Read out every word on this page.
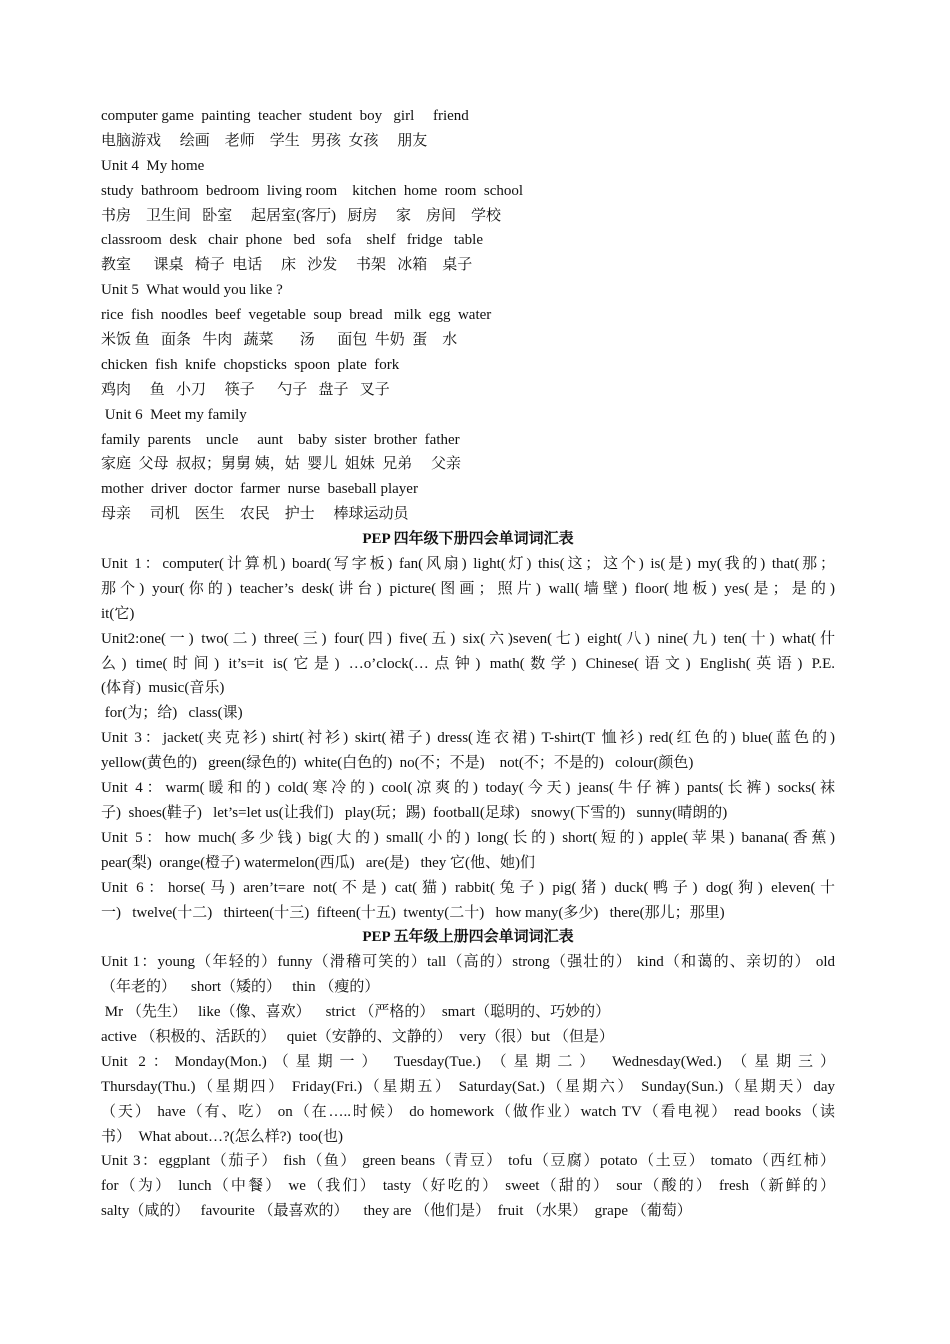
computer game  painting  teacher  student  boy   girl     friend
电脑游戏     绘画    老师    学生   男孩  女孩     朋友
Unit 4  My home
study  bathroom  bedroom  living room    kitchen  home  room  school
书房    卫生间   卧室     起居室(客厅)   厨房     家    房间    学校
classroom  desk   chair  phone   bed   sofa    shelf   fridge   table
教室      课桌   椅子  电话     床   沙发     书架   冰箱    桌子
Unit 5  What would you like ?
rice  fish  noodles  beef  vegetable  soup  bread   milk  egg  water
米饭 鱼   面条   牛肉   蔬菜       汤      面包  牛奶  蛋    水
chicken  fish  knife  chopsticks  spoon  plate  fork
鸡肉     鱼   小刀     筷子      勺子   盘子   叉子
Unit 6  Meet my family
family  parents    uncle     aunt    baby  sister  brother  father
家庭  父母  叔叔；舅舅 姨，姑  婴儿  姐妹  兄弟     父亲
mother  driver  doctor  farmer  nurse  baseball player
母亲     司机    医生    农民    护士     棒球运动员
PEP 四年级下册四会单词词汇表
Unit 1：computer(计算机) board(写字板) fan(风扇) light(灯) this(这；这个) is(是) my(我的) that(那；
那个) your(你的) teacher’s desk(讲台) picture(图画；照片) wall(墙壁) floor(地板) yes(是；是的)
it(它)
Unit2:one(一) two(二) three(三) four(四) five(五) six(六)seven(七) eight(八) nine(九) ten(十) what(什
么) time(时间) it’s=it is(它是) …o’clock(…点钟) math(数学) Chinese(语文) English(英语) P.E.
(体育)  music(音乐)
for(为；给)   class(课)
Unit 3：jacket(夹克衫) shirt(衬衫) skirt(裙子) dress(连衣裙) T-shirt(T 恤衫) red(红色的) blue(蓝色的)
yellow(黄色的)   green(绿色的)  white(白色的)  no(不；不是)    not(不；不是的)   colour(颜色)
Unit 4：warm(暖和的) cold(寒冷的) cool(凉爽的) today(今天) jeans(牛仔裤) pants(长裤) socks(袜
子)  shoes(鞋子)   let’s=let us(让我们)   play(玩；踢)  football(足球)   snowy(下雪的)   sunny(晴朗的)
Unit 5：how much(多少钱) big(大的) small(小的) long(长的) short(短的) apple(苹果) banana(香蕉)
pear(梨)  orange(橙子) watermelon(西瓜)   are(是)   they 它(他、她)们
Unit 6：horse(马) aren’t=are not(不是) cat(猫) rabbit(兔子) pig(猪) duck(鸭子) dog(狗) eleven(十
一)   twelve(十二)   thirteen(十三)  fifteen(十五)  twenty(二十)   how many(多少)   there(那儿；那里)
PEP 五年级上册四会单词词汇表
Unit 1：young（年轻的）funny（滑稽可笑的）tall（高的）strong（强壮的） kind（和蔼的、亲切的） old
（年老的）    short（矮的）   thin （瘦的）
Mr （先生）   like（像、喜欢）    strict （严格的）  smart（聪明的、巧妙的）
active （积极的、活跃的）   quiet（安静的、文静的）  very（很）but （但是）
Unit 2：Monday(Mon.)（星期一） Tuesday(Tue.) （星期二） Wednesday(Wed.) （星期三）
Thursday(Thu.)（星期四） Friday(Fri.)（星期五） Saturday(Sat.)（星期六） Sunday(Sun.)（星期天）day
（天） have（有、吃） on（在…..时候） do homework（做作业）watch TV（看电视） read books（读
书）  What about…?(怎么样?)  too(也)
Unit 3：eggplant（茄子） fish（鱼） green beans（青豆） tofu（豆腐）potato（土豆） tomato（西红柿）
for（为） lunch（中餐） we（我们） tasty（好吃的） sweet（甜的） sour（酸的） fresh（新鲜的）
salty（咸的）   favourite （最喜欢的）    they are （他们是）  fruit （水果）  grape （葡萄）
